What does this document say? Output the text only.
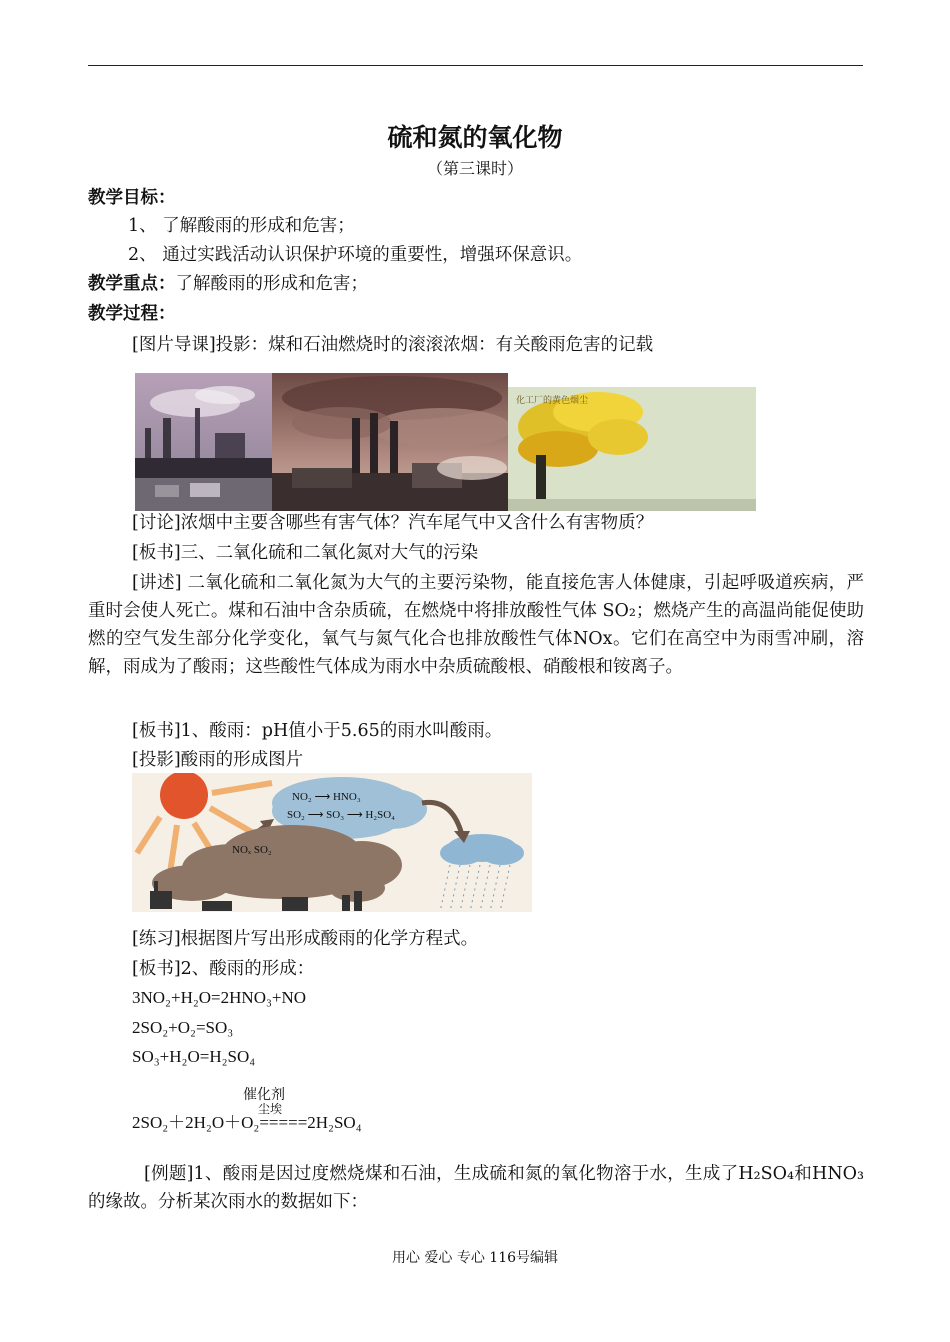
硫和氮的氧化物
（第三课时）
教学目标：
1、 了解酸雨的形成和危害；
2、 通过实践活动认识保护环境的重要性，增强环保意识。
教学重点：了解酸雨的形成和危害；
教学过程：
[图片导课]投影：煤和石油燃烧时的滚滚浓烟：有关酸雨危害的记载
化工厂的黄色烟尘
[讨论]浓烟中主要含哪些有害气体？汽车尾气中又含什么有害物质？
[板书]三、二氧化硫和二氧化氮对大气的污染
[讲述] 二氧化硫和二氧化氮为大气的主要污染物，能直接危害人体健康，引起呼吸道疾病，严重时会使人死亡。煤和石油中含杂质硫，在燃烧中将排放酸性气体 SO₂；燃烧产生的高温尚能促使助燃的空气发生部分化学变化，氧气与氮气化合也排放酸性气体NOx。它们在高空中为雨雪冲刷，溶解，雨成为了酸雨；这些酸性气体成为雨水中杂质硫酸根、硝酸根和铵离子。
[板书]1、酸雨：pH值小于5.65的雨水叫酸雨。
[投影]酸雨的形成图片
NO₂ ⟶ HNO₃
SO₂ ⟶ SO₃ ⟶ H₂SO₄
NOₓ SO₂
[练习]根据图片写出形成酸雨的化学方程式。
[板书]2、酸雨的形成：
3NO₂+H₂O=2HNO₃+NO
2SO₂+O₂=SO₃
SO₃+H₂O=H₂SO₄
催化剂
尘埃
2SO₂＋2H₂O＋O₂=====2H₂SO₄
[例题]1、酸雨是因过度燃烧煤和石油，生成硫和氮的氧化物溶于水，生成了H₂SO₄和HNO₃的缘故。分析某次雨水的数据如下：
用心 爱心 专心 116号编辑
